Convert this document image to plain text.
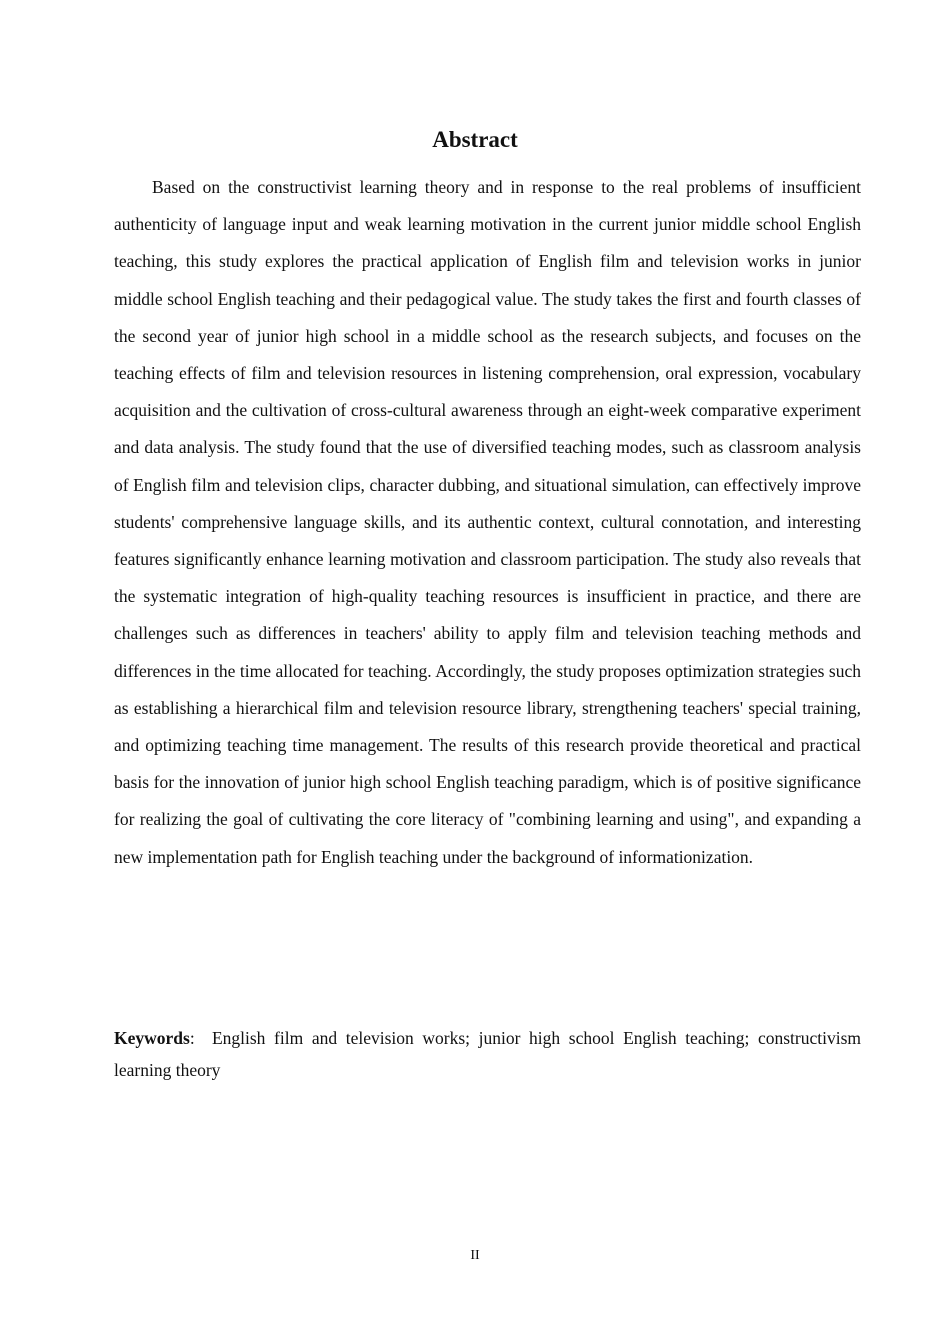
Abstract

Based on the constructivist learning theory and in response to the real problems of insufficient authenticity of language input and weak learning motivation in the current junior middle school English teaching, this study explores the practical application of English film and television works in junior middle school English teaching and their pedagogical value. The study takes the first and fourth classes of the second year of junior high school in a middle school as the research subjects, and focuses on the teaching effects of film and television resources in listening comprehension, oral expression, vocabulary acquisition and the cultivation of cross-cultural awareness through an eight-week comparative experiment and data analysis. The study found that the use of diversified teaching modes, such as classroom analysis of English film and television clips, character dubbing, and situational simulation, can effectively improve students' comprehensive language skills, and its authentic context, cultural connotation, and interesting features significantly enhance learning motivation and classroom participation. The study also reveals that the systematic integration of high-quality teaching resources is insufficient in practice, and there are challenges such as differences in teachers' ability to apply film and television teaching methods and differences in the time allocated for teaching. Accordingly, the study proposes optimization strategies such as establishing a hierarchical film and television resource library, strengthening teachers' special training, and optimizing teaching time management. The results of this research provide theoretical and practical basis for the innovation of junior high school English teaching paradigm, which is of positive significance for realizing the goal of cultivating the core literacy of "combining learning and using", and expanding a new implementation path for English teaching under the background of informationization.

Keywords: English film and television works; junior high school English teaching; constructivism learning theory

II
